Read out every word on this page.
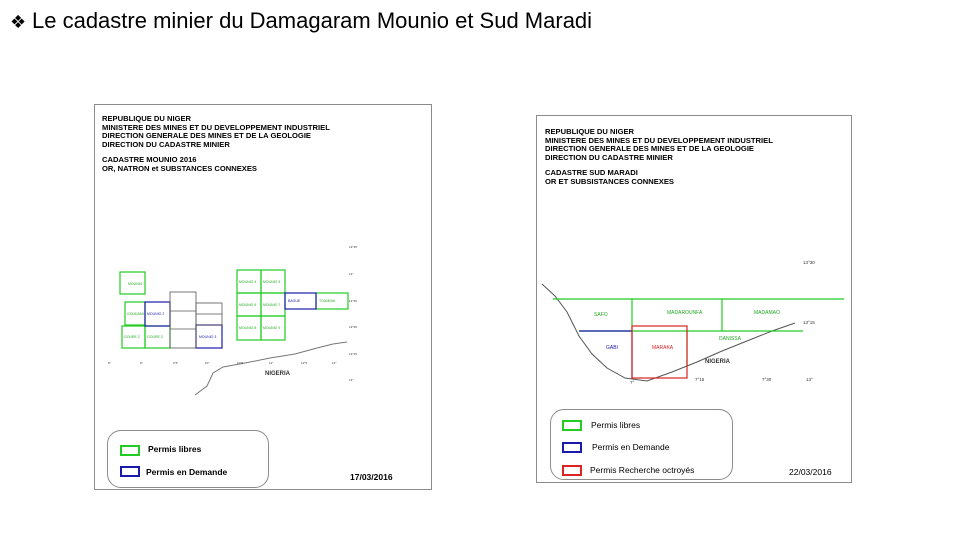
❖ Le cadastre minier du Damagaram Mounio et Sud Maradi
REPUBLIQUE DU NIGER
MINISTERE DES MINES ET DU DEVELOPPEMENT INDUSTRIEL
DIRECTION GENERALE DES MINES ET DE LA GEOLOGIE
DIRECTION DU CADASTRE MINIER
CADASTRE MOUNIO 2016
OR, NATRON et SUBSTANCES CONNEXES
MOUNIO
GOUDAMI
GOURE 2 GOURE 3
MOUNIO 4 MOUNIO 5
MOUNIO 6 MOUNIO 7
MOUNIO 8 MOUNIO 9
TOUMNIA
MOUNIO 2
MOUNIO 3
BAGUE
13°45'
13°
13°45
13°35
13°15
13°
8°	9°	9°5	10°	10°5	11°	11°5	12°
NIGERIA
Permis libres
Permis en Demande	17/03/2016
REPUBLIQUE DU NIGER
MINISTERE DES MINES ET DU DEVELOPPEMENT INDUSTRIEL
DIRECTION GENERALE DES MINES ET DE LA GEOLOGIE
DIRECTION DU CADASTRE MINIER
CADASTRE SUD MARADI
OR ET SUBSISTANCES CONNEXES
SAFO	MADAROUNFA	MADAMAO
DANISSA
GABI	MARAKA
13°30
13°15
13°
7°
7°15	7°30
NIGERIA
Permis libres
Permis en Demande
Permis Recherche octroyés	22/03/2016
